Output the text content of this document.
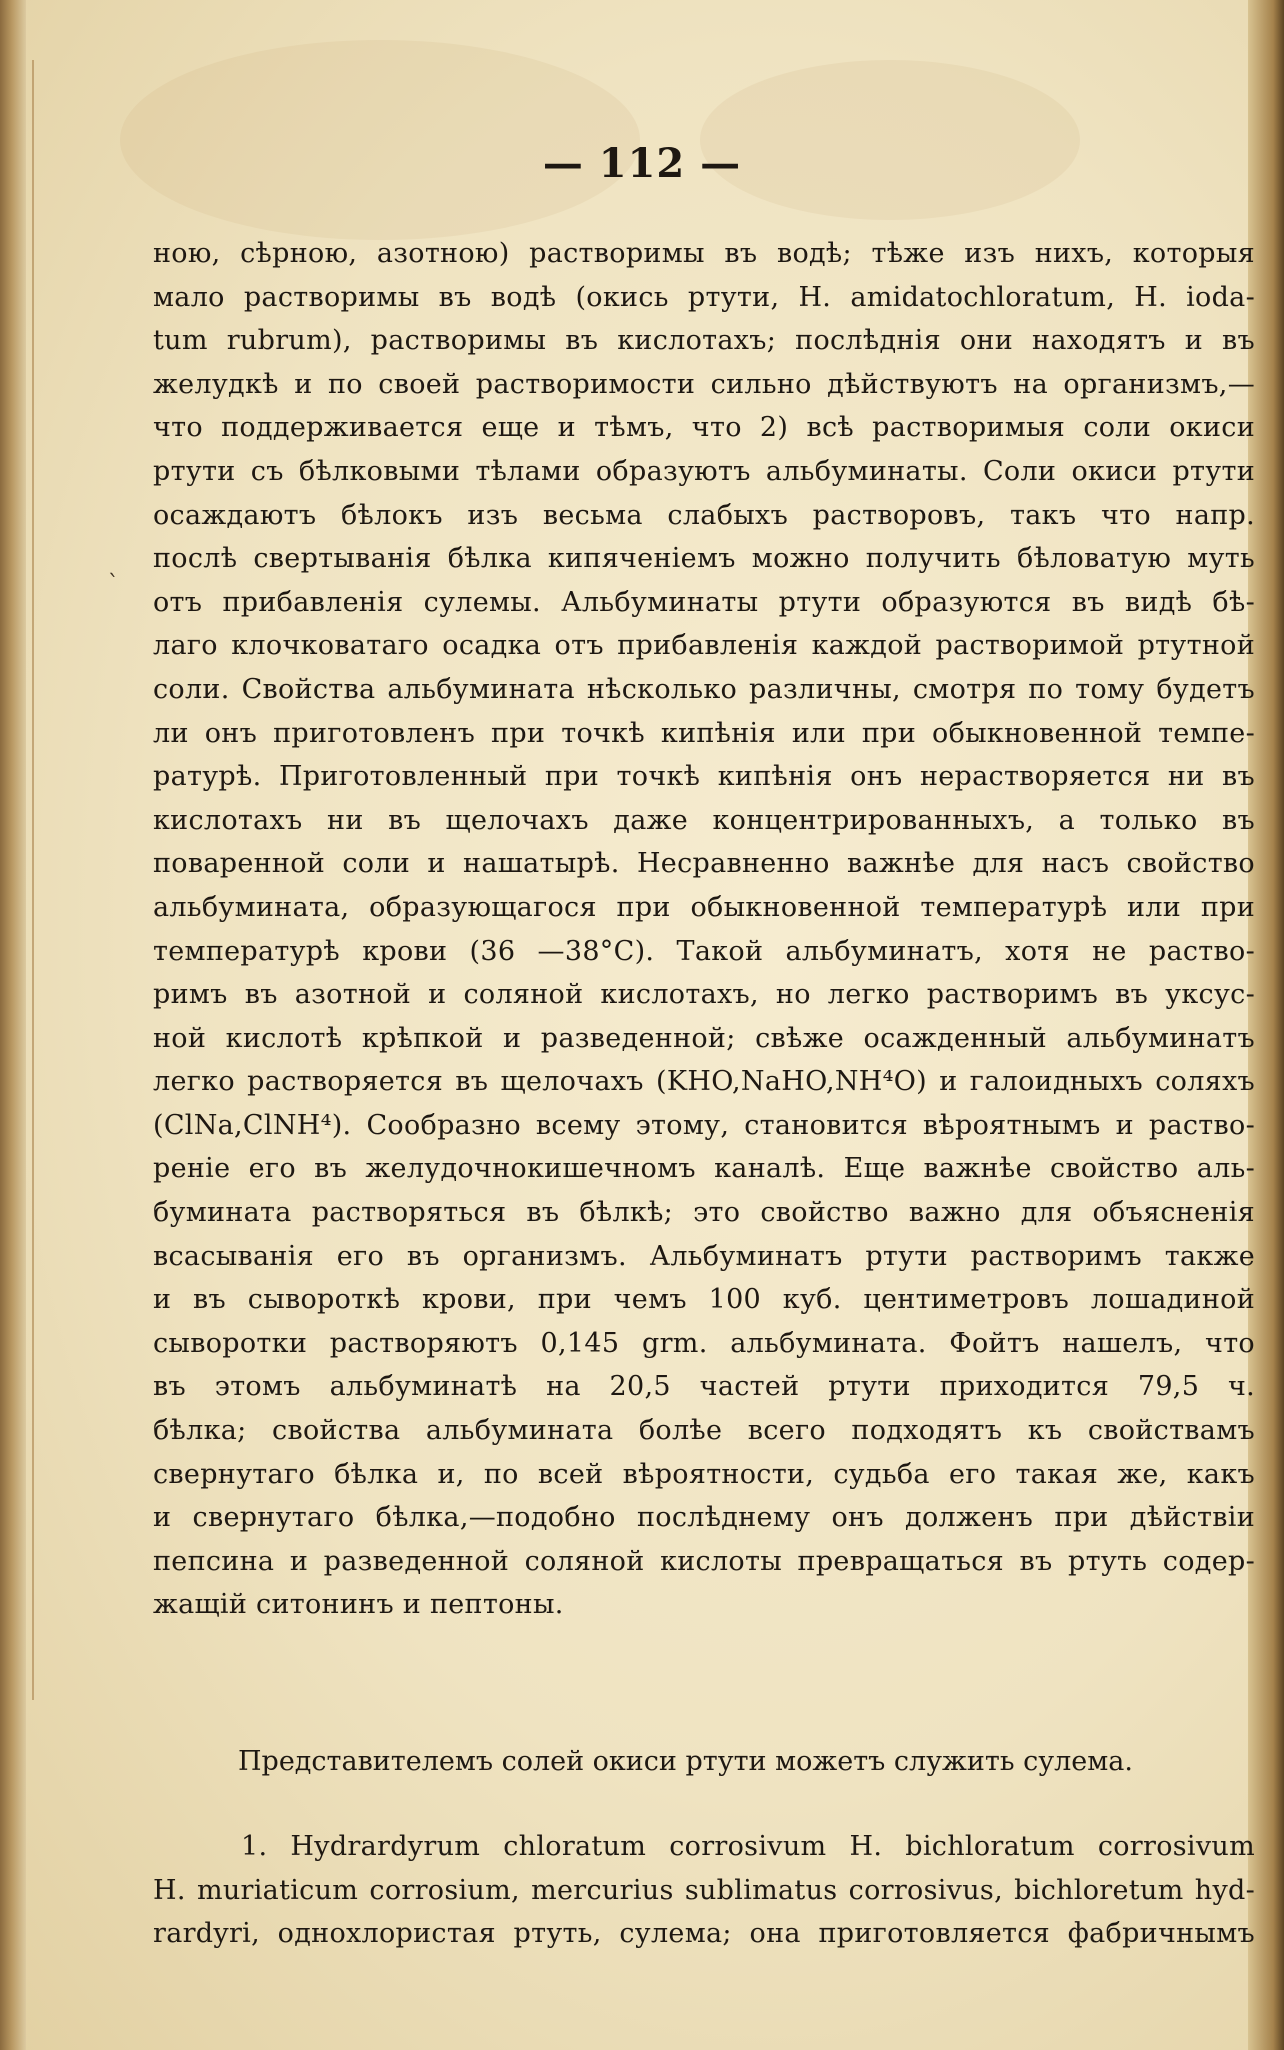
— 112 —
ˋ
ною, сѣрною, азотною) растворимы въ водѣ; тѣже изъ нихъ, которыя
мало растворимы въ водѣ (окись ртути, H. amidatochloratum, H. ioda-
tum rubrum), растворимы въ кислотахъ; послѣднія они находятъ и въ
желудкѣ и по своей растворимости сильно дѣйствуютъ на организмъ,—
что поддерживается еще и тѣмъ, что 2) всѣ растворимыя соли окиси
ртути съ бѣлковыми тѣлами образуютъ альбуминаты. Соли окиси ртути
осаждаютъ бѣлокъ изъ весьма слабыхъ растворовъ, такъ что напр.
послѣ свертыванія бѣлка кипяченіемъ можно получить бѣловатую муть
отъ прибавленія сулемы. Альбуминаты ртути образуются въ видѣ бѣ-
лаго клочковатаго осадка отъ прибавленія каждой растворимой ртутной
соли. Свойства альбумината нѣсколько различны, смотря по тому будетъ
ли онъ приготовленъ при точкѣ кипѣнія или при обыкновенной темпе-
ратурѣ. Приготовленный при точкѣ кипѣнія онъ нерастворяется ни въ
кислотахъ ни въ щелочахъ даже концентрированныхъ, а только въ
поваренной соли и нашатырѣ. Несравненно важнѣе для насъ свойство
альбумината, образующагося при обыкновенной температурѣ или при
температурѣ крови (36 —38°С). Такой альбуминатъ, хотя не раство-
римъ въ азотной и соляной кислотахъ, но легко растворимъ въ уксус-
ной кислотѣ крѣпкой и разведенной; свѣже осажденный альбуминатъ
легко растворяется въ щелочахъ (KHO,NaHO,NH⁴O) и галоидныхъ соляхъ
(ClNa,ClNH⁴). Сообразно всему этому, становится вѣроятнымъ и раство-
реніе его въ желудочнокишечномъ каналѣ. Еще важнѣе свойство аль-
бумината растворяться въ бѣлкѣ; это свойство важно для объясненія
всасыванія его въ организмъ. Альбуминатъ ртути растворимъ также
и въ сывороткѣ крови, при чемъ 100 куб. центиметровъ лошадиной
сыворотки растворяютъ 0,145 grm. альбумината. Фойтъ нашелъ, что
въ этомъ альбуминатѣ на 20,5 частей ртути приходится 79,5 ч.
бѣлка; свойства альбумината болѣе всего подходятъ къ свойствамъ
свернутаго бѣлка и, по всей вѣроятности, судьба его такая же, какъ
и свернутаго бѣлка,—подобно послѣднему онъ долженъ при дѣйствіи
пепсина и разведенной соляной кислоты превращаться въ ртуть содер-
жащій ситонинъ и пептоны.
Представителемъ солей окиси ртути можетъ служить сулема.
1. Hydrardyrum chloratum corrosivum H. bichloratum corrosivum
H. muriaticum corrosium, mercurius sublimatus corrosivus, bichloretum hyd-
rardyri, однохлористая ртуть, сулема; она приготовляется фабричнымъ
